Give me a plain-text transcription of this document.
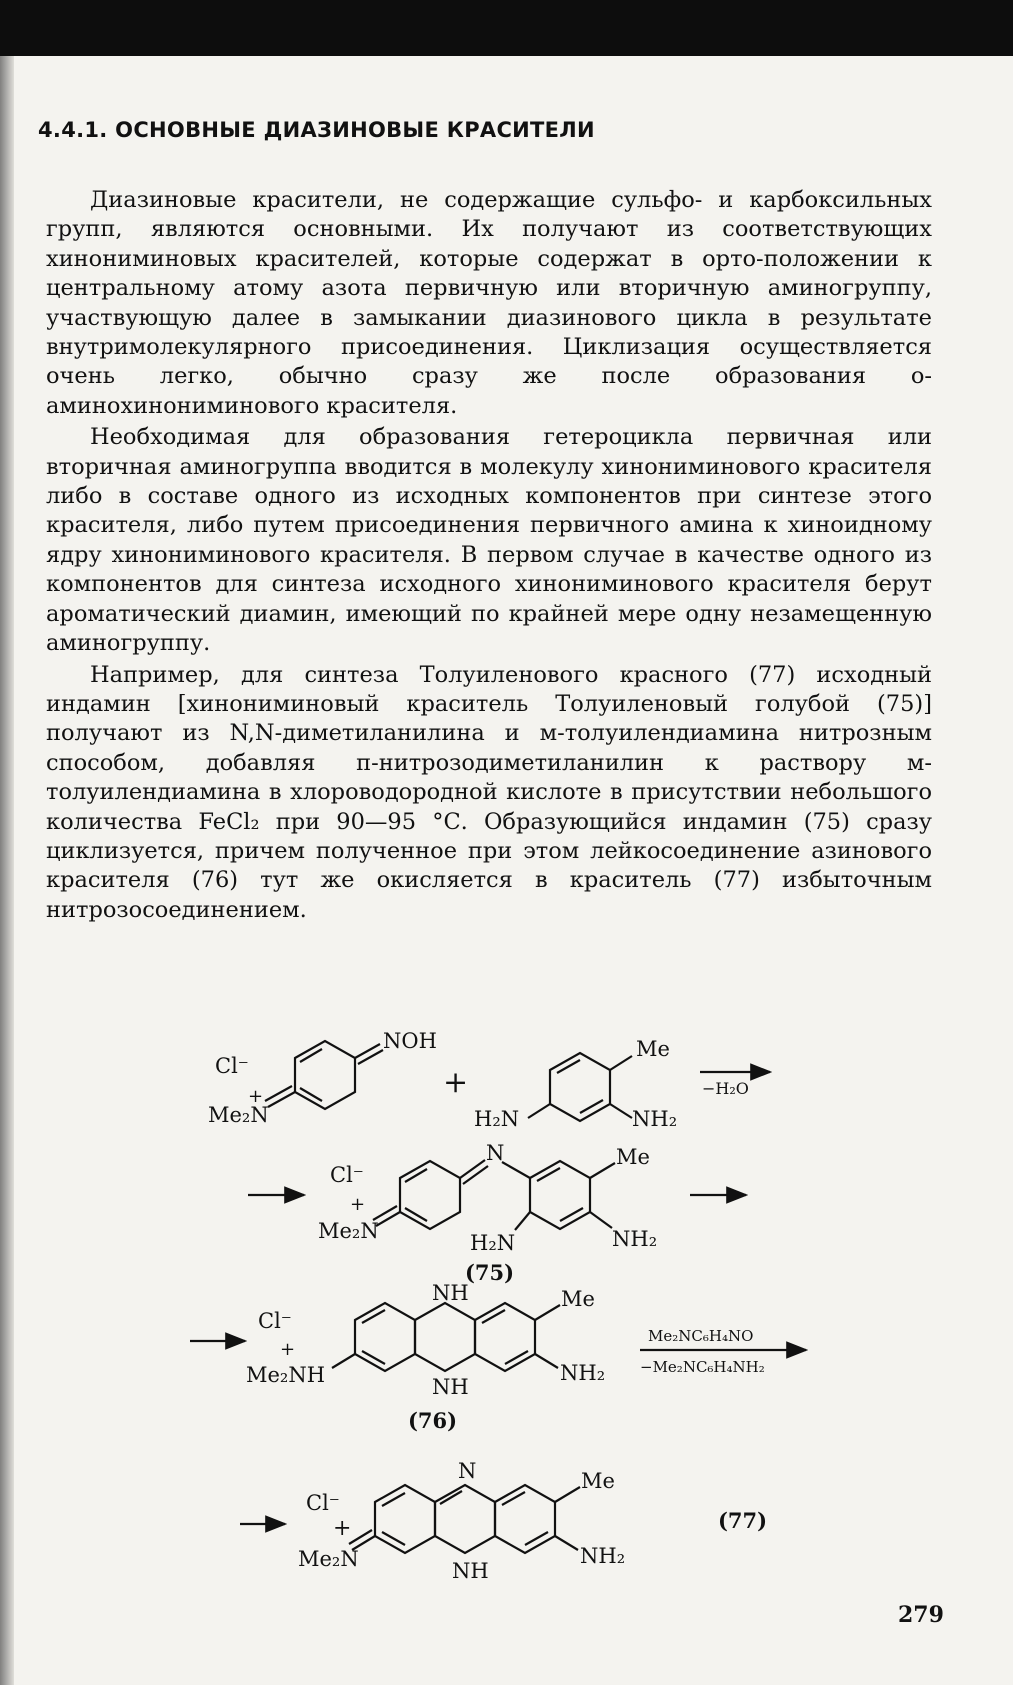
4.4.1. ОСНОВНЫЕ ДИАЗИНОВЫЕ КРАСИТЕЛИ

Диазиновые красители, не содержащие сульфо- и карбоксильных групп, являются основными. Их получают из соответствующих хинониминовых красителей, которые содержат в орто-положении к центральному атому азота первичную или вторичную аминогруппу, участвующую далее в замыкании диазинового цикла в результате внутримолекулярного присоединения. Циклизация осуществляется очень легко, обычно сразу же после образования о-аминохинониминового красителя.

Необходимая для образования гетероцикла первичная или вторичная аминогруппа вводится в молекулу хинониминового красителя либо в составе одного из исходных компонентов при синтезе этого красителя, либо путем присоединения первичного амина к хиноидному ядру хинониминового красителя. В первом случае в качестве одного из компонентов для синтеза исходного хинониминового красителя берут ароматический диамин, имеющий по крайней мере одну незамещенную аминогруппу.

Например, для синтеза Толуиленового красного (77) исходный индамин [хинониминовый краситель Толуиленовый голубой (75)] получают из N,N-диметиланилина и м-толуилендиамина нитрозным способом, добавляя п-нитрозодиметиланилин к раствору м-толуилендиамина в хлороводородной кислоте в присутствии небольшого количества FeCl₂ при 90—95 °С. Образующийся индамин (75) сразу циклизуется, причем полученное при этом лейкосоединение азинового красителя (76) тут же окисляется в краситель (77) избыточным нитрозосоединением.

Cl⁻
+
Me₂N
NOH
+
Me
H₂N	NH₂
−H₂O
Cl⁻
+
Me₂N
N	Me
H₂N	NH₂
(75)
Cl⁻
+
Me₂NH
NH
NH
Me
NH₂
(76)
Me₂NC₆H₄NO
−Me₂NC₆H₄NH₂
Cl⁻
+
Me₂N
N
NH
Me
NH₂
(77)
279
